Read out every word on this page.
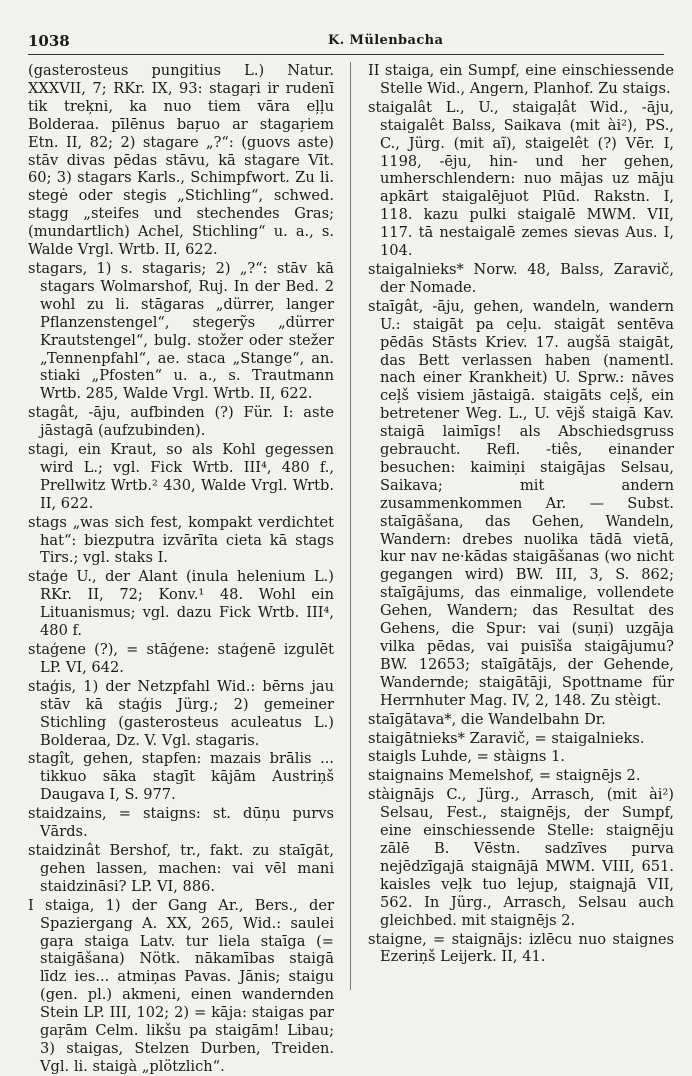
1038	K. Mülenbacha

(gasterosteus pungitius L.) Natur. XXXVII, 7; RKr. IX, 93: stagaŗi ir rudenī tik treķni, ka nuo tiem vāra eļļu Bolderaa. pīlēnus baŗuo ar stagaŗiem Etn. II, 82; 2) stagare „?“: (guovs aste) stāv divas pēdas stāvu, kā stagare Vīt. 60; 3) stagars Karls., Schimpfwort. Zu li. stegė oder stegis „Stichling“, schwed. stagg „steifes und stechendes Gras; (mundartlich) Achel, Stichling“ u. a., s. Walde Vrgl. Wrtb. II, 622.

stagars, 1) s. stagaris; 2) „?“: stāv kā stagars Wolmarshof, Ruj. In der Bed. 2 wohl zu li. stāgaras „dürrer, langer Pflanzenstengel“, stegerỹs „dürrer Krautstengel“, bulg. stožer oder stežer „Tennenpfahl“, ae. staca „Stange“, an. stiaki „Pfosten“ u. a., s. Trautmann Wrtb. 285, Walde Vrgl. Wrtb. II, 622.

stagât, -āju, aufbinden (?) Für. I: aste jāstagā (aufzubinden).

stagi, ein Kraut, so als Kohl gegessen wird L.; vgl. Fick Wrtb. III⁴, 480 f., Prellwitz Wrtb.² 430, Walde Vrgl. Wrtb. II, 622.

stags „was sich fest, kompakt verdichtet hat“: biezputra izvārīta cieta kā stags Tirs.; vgl. staks I.

staģe U., der Alant (inula helenium L.) RKr. II, 72; Konv.¹ 48. Wohl ein Lituanismus; vgl. dazu Fick Wrtb. III⁴, 480 f.

staģene (?), = stāģene: staģenē izgulēt LP. VI, 642.

staģis, 1) der Netzpfahl Wid.: bērns jau stāv kā staģis Jürg.; 2) gemeiner Stichling (gasterosteus aculeatus L.) Bolderaa, Dz. V. Vgl. stagaris.

stagît, gehen, stapfen: mazais brālis ... tikkuo sāka stagīt kājām Austriņš Daugava I, S. 977.

staidzains, = staigns: st. dūņu purvs Vārds.

staidzinât Bershof, tr., fakt. zu staīgāt, gehen lassen, machen: vai vēl mani staidzināsi? LP. VI, 886.

I staiga, 1) der Gang Ar., Bers., der Spaziergang A. XX, 265, Wid.: saulei gaŗa staiga Latv. tur liela staīga (= staigāšana) Nötk. nākamības staigā līdz ies... atmiņas Pavas. Jānis; staigu (gen. pl.) akmeni, einen wandernden Stein LP. III, 102; 2) = kāja: staigas par gaŗām Celm. likšu pa staigām! Libau; 3) staigas, Stelzen Durben, Treiden. Vgl. li. staigà „plötzlich“.

II staiga, ein Sumpf, eine einschiessende Stelle Wid., Angern, Planhof. Zu staigs.

staigalât L., U., staigaļât Wid., -āju, staigalêt Balss, Saikava (mit ài²), PS., C., Jürg. (mit aĩ), staigelêt (?) Vēr. I, 1198, -ēju, hin- und her gehen, umherschlendern: nuo mājas uz māju apkārt staigalējuot Plūd. Rakstn. I, 118. kazu pulki staigalē MWM. VII, 117. tā nestaigalē zemes sievas Aus. I, 104.

staigalnieks* Norw. 48, Balss, Zaravič, der Nomade.

staīgât, -āju, gehen, wandeln, wandern U.: staigāt pa ceļu. staigāt sentēva pēdās Stāsts Kriev. 17. augšā staigāt, das Bett verlassen haben (namentl. nach einer Krankheit) U. Sprw.: nāves ceļš visiem jāstaigā. staigāts ceļš, ein betretener Weg. L., U. vējš staigā Kav. staigā laimīgs! als Abschiedsgruss gebraucht. Refl. -tiês, einander besuchen: kaimiņi staigājas Selsau, Saikava; mit andern zusammenkommen Ar. — Subst. staīgāšana, das Gehen, Wandeln, Wandern: drebes nuolika tādā vietā, kur nav ne·kādas staigāšanas (wo nicht gegangen wird) BW. III, 3, S. 862; staīgājums, das einmalige, vollendete Gehen, Wandern; das Resultat des Gehens, die Spur: vai (suņi) uzgāja vilka pēdas, vai puisīša staigājumu? BW. 12653; staīgātājs, der Gehende, Wandernde; staigātāji, Spottname für Herrnhuter Mag. IV, 2, 148. Zu stèigt.

staīgātava*, die Wandelbahn Dr.

staigātnieks* Zaravič, = staigalnieks.

staigls Luhde, = stàigns 1.

staignains Memelshof, = staignējs 2.

stàignājs C., Jürg., Arrasch, (mit ài²) Selsau, Fest., staignējs, der Sumpf, eine einschiessende Stelle: staignēju zālē B. Vēstn. sadzīves purva nejēdzīgajā staignājā MWM. VIII, 651. kaisles veļk tuo lejup, staignajā VII, 562. In Jürg., Arrasch, Selsau auch gleichbed. mit staignējs 2.

staigne, = staignājs: izlēcu nuo staignes Ezeriņš Leijerk. II, 41.
